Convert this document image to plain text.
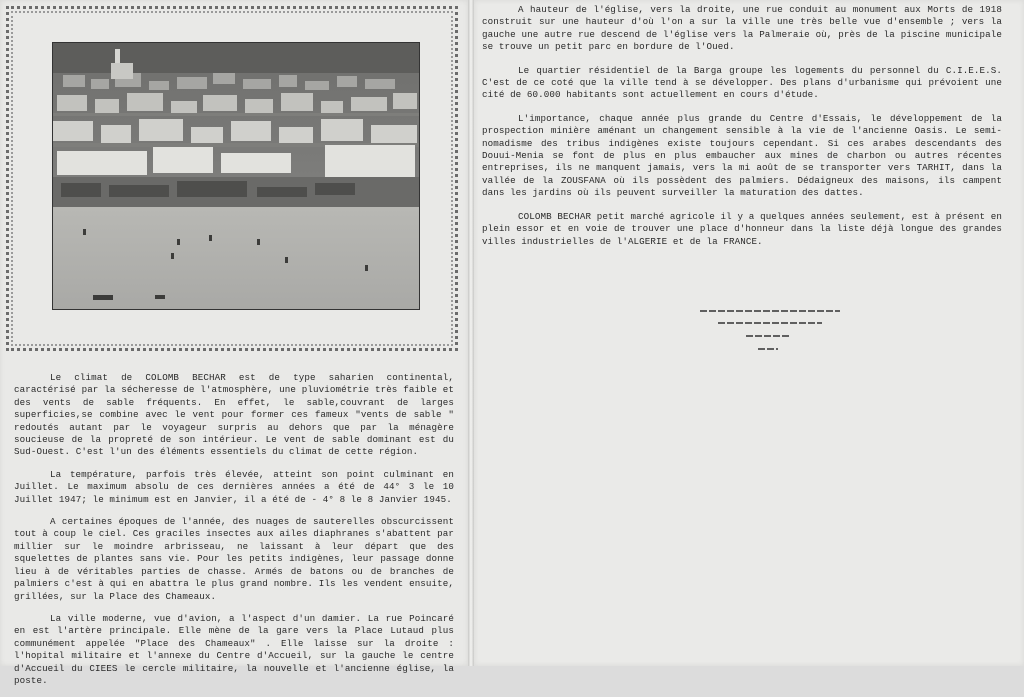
Le climat de COLOMB BECHAR est de type saharien continental, caractérisé par la sécheresse de l'atmosphère, une pluviométrie très faible et des vents de sable fréquents. En effet, le sable,couvrant de larges superficies,se combine avec le vent pour former ces fameux "vents de sable " redoutés autant par le voyageur surpris au dehors que par la ménagère soucieuse de la propreté de son intérieur. Le vent de sable dominant est du Sud-Ouest. C'est l'un des éléments essentiels du climat de cette région.

La température, parfois très élevée, atteint son point culminant en Juillet. Le maximum absolu de ces dernières années a été de 44° 3 le 10 Juillet 1947; le minimum est en Janvier, il a été de - 4° 8 le 8 Janvier 1945.

A certaines époques de l'année, des nuages de sauterelles obscurcissent tout à coup le ciel. Ces graciles insectes aux ailes diaphranes s'abattent par millier sur le moindre arbrisseau, ne laissant à leur départ que des squelettes de plantes sans vie. Pour les petits indigènes, leur passage donne lieu à de véritables parties de chasse. Armés de batons ou de branches de palmiers c'est à qui en abattra le plus grand nombre. Ils les vendent ensuite, grillées, sur la Place des Chameaux.

La ville moderne, vue d'avion, a l'aspect d'un damier. La rue Poincaré en est l'artère principale. Elle mène de la gare vers la Place Lutaud plus communément appelée "Place des Chameaux" . Elle laisse sur la droite : l'hopital militaire et l'annexe du Centre d'Accueil, sur la gauche le centre d'Accueil du CIEES le cercle militaire, la nouvelle et l'ancienne église, la poste.

A hauteur de l'église, vers la droite, une rue conduit au monument aux Morts de 1918 construit sur une hauteur d'où l'on a sur la ville une très belle vue d'ensemble ; vers la gauche une autre rue descend de l'église vers la Palmeraie où, près de la piscine municipale se trouve un petit parc en bordure de l'Oued.

Le quartier résidentiel de la Barga groupe les logements du personnel du C.I.E.E.S. C'est de ce coté que la ville tend à se développer. Des plans d'urbanisme qui prévoient une cité de 60.000 habitants sont actuellement en cours d'étude.

L'importance, chaque année plus grande du Centre d'Essais, le développement de la prospection minière aménant un changement sensible à la vie de l'ancienne Oasis. Le semi-nomadisme des tribus indigènes existe toujours cependant. Si ces arabes descendants des Douui-Menia se font de plus en plus embaucher aux mines de charbon ou autres récentes entreprises, ils ne manquent jamais, vers la mi août de se transporter vers TARHIT, dans la vallée de la ZOUSFANA où ils possèdent des palmiers. Dédaigneux des maisons, ils campent dans les jardins où ils peuvent surveiller la maturation des dattes.

COLOMB BECHAR petit marché agricole il y a quelques années seulement, est à présent en plein essor et en voie de trouver une place d'honneur dans la liste déjà longue des grandes villes industrielles de l'ALGERIE et de la FRANCE.
